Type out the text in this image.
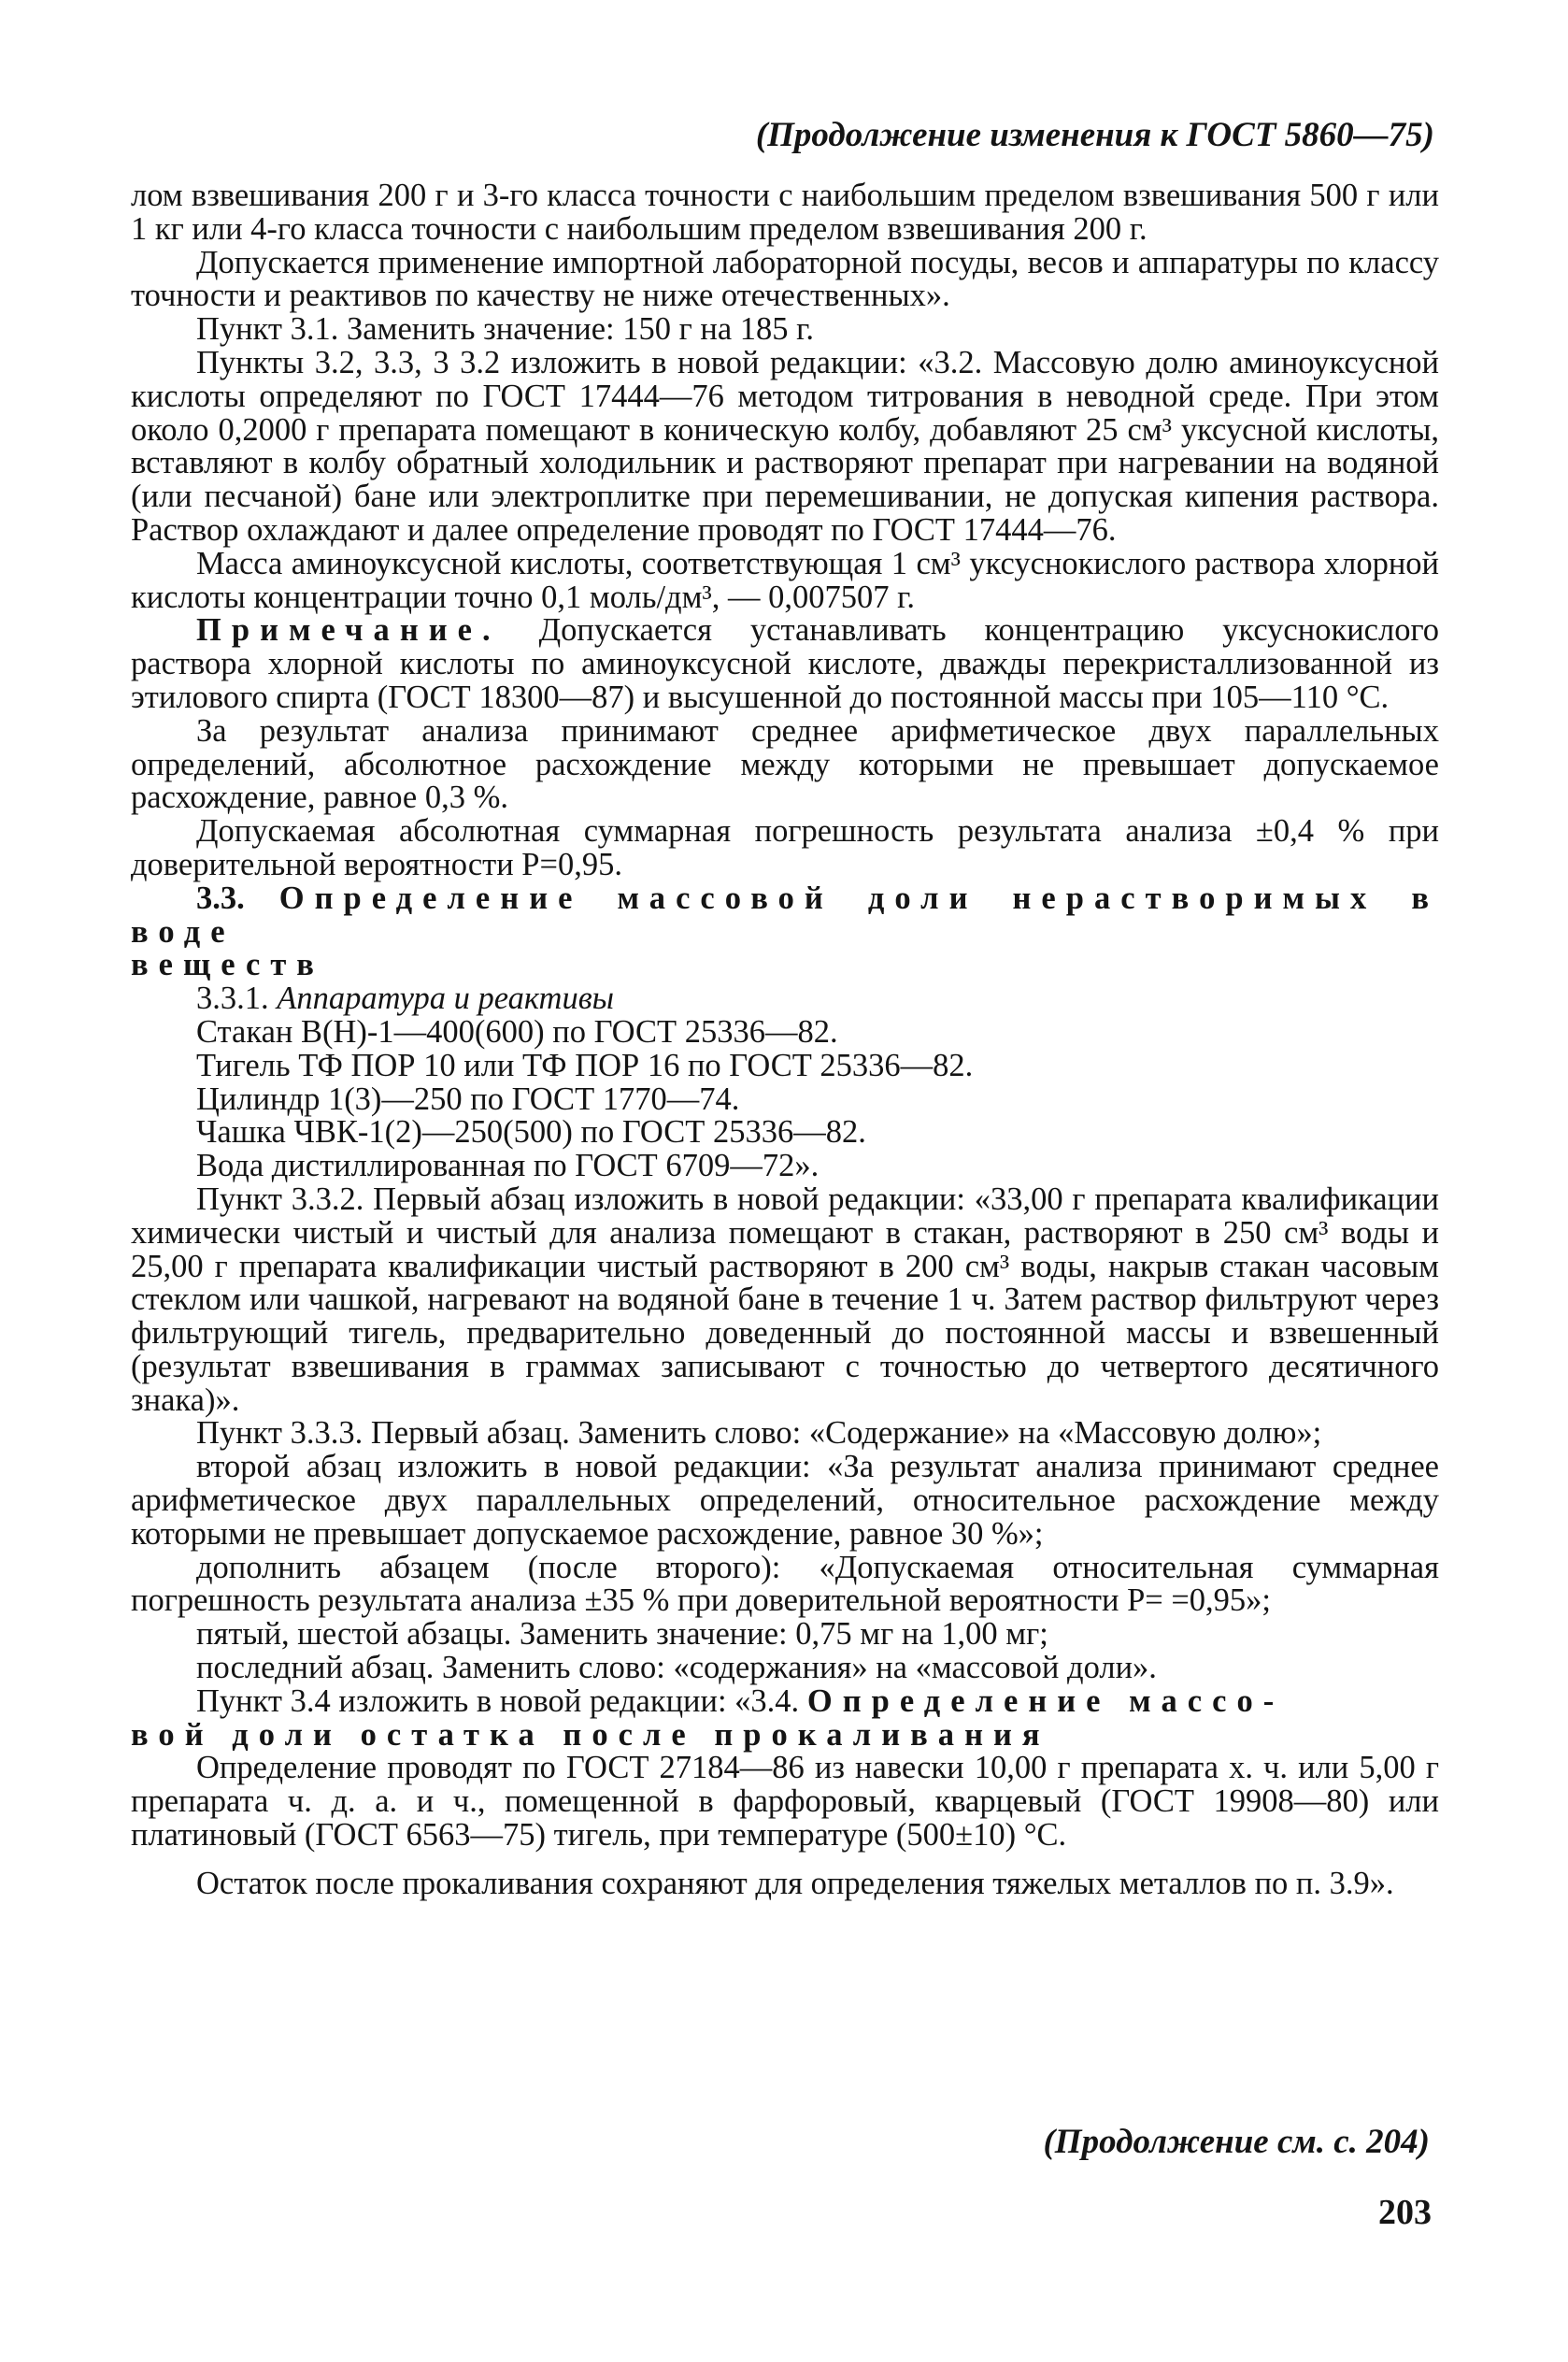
(Продолжение изменения к ГОСТ 5860—75)

лом взвешивания 200 г и 3-го класса точности с наибольшим пределом взвешивания 500 г или 1 кг или 4-го класса точности с наибольшим пределом взвешивания 200 г.

Допускается применение импортной лабораторной посуды, весов и аппаратуры по классу точности и реактивов по качеству не ниже отечественных».

Пункт 3.1. Заменить значение: 150 г на 185 г.

Пункты 3.2, 3.3, 3 3.2 изложить в новой редакции: «3.2. Массовую долю аминоуксусной кислоты определяют по ГОСТ 17444—76 методом титрования в неводной среде. При этом около 0,2000 г препарата помещают в коническую колбу, добавляют 25 см³ уксусной кислоты, вставляют в колбу обратный холодильник и растворяют препарат при нагревании на водяной (или песчаной) бане или электроплитке при перемешивании, не допуская кипения раствора. Раствор охлаждают и далее определение проводят по ГОСТ 17444—76.

Масса аминоуксусной кислоты, соответствующая 1 см³ уксуснокислого раствора хлорной кислоты концентрации точно 0,1 моль/дм³, — 0,007507 г.

Примечание. Допускается устанавливать концентрацию уксуснокислого раствора хлорной кислоты по аминоуксусной кислоте, дважды перекристаллизованной из этилового спирта (ГОСТ 18300—87) и высушенной до постоянной массы при 105—110 °С.

За результат анализа принимают среднее арифметическое двух параллельных определений, абсолютное расхождение между которыми не превышает допускаемое расхождение, равное 0,3 %.

Допускаемая абсолютная суммарная погрешность результата анализа ±0,4 % при доверительной вероятности P=0,95.

3.3. Определение массовой доли нерастворимых в воде

веществ

3.3.1. Аппаратура и реактивы

Стакан В(Н)-1—400(600) по ГОСТ 25336—82.

Тигель ТФ ПОР 10 или ТФ ПОР 16 по ГОСТ 25336—82.

Цилиндр 1(3)—250 по ГОСТ 1770—74.

Чашка ЧВК-1(2)—250(500) по ГОСТ 25336—82.

Вода дистиллированная по ГОСТ 6709—72».

Пункт 3.3.2. Первый абзац изложить в новой редакции: «33,00 г препарата квалификации химически чистый и чистый для анализа помещают в стакан, растворяют в 250 см³ воды и 25,00 г препарата квалификации чистый растворяют в 200 см³ воды, накрыв стакан часовым стеклом или чашкой, нагревают на водяной бане в течение 1 ч. Затем раствор фильтруют через фильтрующий тигель, предварительно доведенный до постоянной массы и взвешенный (результат взвешивания в граммах записывают с точностью до четвертого десятичного знака)».

Пункт 3.3.3. Первый абзац. Заменить слово: «Содержание» на «Массовую долю»;

второй абзац изложить в новой редакции: «За результат анализа принимают среднее арифметическое двух параллельных определений, относительное расхождение между которыми не превышает допускаемое расхождение, равное 30 %»;

дополнить абзацем (после второго): «Допускаемая относительная суммарная погрешность результата анализа ±35 % при доверительной вероятности P= =0,95»;

пятый, шестой абзацы. Заменить значение: 0,75 мг на 1,00 мг;

последний абзац. Заменить слово: «содержания» на «массовой доли».

Пункт 3.4 изложить в новой редакции: «3.4. Определение массо-

вой доли остатка после прокаливания

Определение проводят по ГОСТ 27184—86 из навески 10,00 г препарата х. ч. или 5,00 г препарата ч. д. а. и ч., помещенной в фарфоровый, кварцевый (ГОСТ 19908—80) или платиновый (ГОСТ 6563—75) тигель, при температуре (500±10) °С.

Остаток после прокаливания сохраняют для определения тяжелых металлов по п. 3.9».

(Продолжение см. с. 204)
203
